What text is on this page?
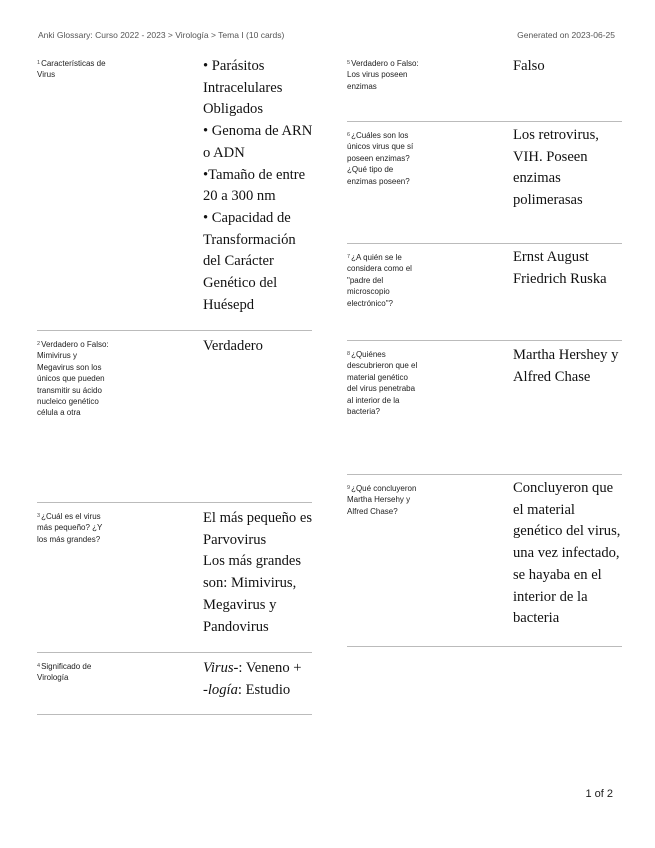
Anki Glossary: Curso 2022 - 2023 > Virología > Tema I (10 cards)	Generated on 2023-06-25
$^1$Características de Virus
• Parásitos Intracelulares Obligados
• Genoma de ARN o ADN
•Tamaño de entre 20 a 300 nm
• Capacidad de Transformación del Carácter Genético del Huésepd
$^2$Verdadero o Falso: Mimivirus y Megavirus son los únicos que pueden transmitir su ácido nucleico genético célula a otra
Verdadero
$^3$¿Cuál es el virus más pequeño? ¿Y los más grandes?
El más pequeño es Parvovirus
Los más grandes son: Mimivirus, Megavirus y Pandovirus
$^4$Significado de Virología
Virus-: Veneno +
-logía: Estudio
$^5$Verdadero o Falso: Los virus poseen enzimas
Falso
$^6$¿Cuáles son los únicos virus que sí poseen enzimas? ¿Qué tipo de enzimas poseen?
Los retrovirus, VIH. Poseen enzimas polimerasas
$^7$¿A quién se le considera como el "padre del microscopio electrónico"?
Ernst August Friedrich Ruska
$^8$¿Quiénes descubrieron que el material genético del virus penetraba al interior de la bacteria?
Martha Hershey y Alfred Chase
$^9$¿Qué concluyeron Martha Hersehy y Alfred Chase?
Concluyeron que el material genético del virus, una vez infectado, se hayaba en el interior de la bacteria
1 of 2
